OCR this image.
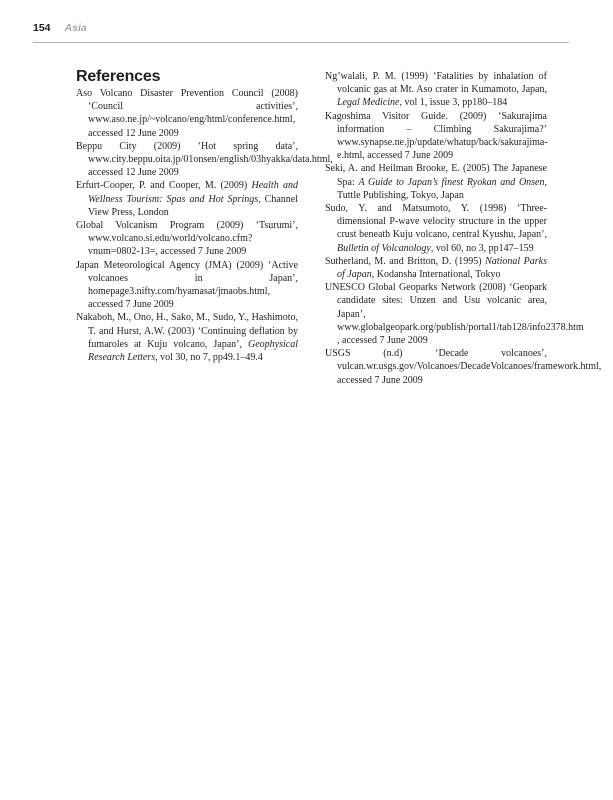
154 Asia
References

Aso Volcano Disaster Prevention Council (2008) ‘Council activities’, www.aso.ne.jp/~volcano/eng/html/conference.html, accessed 12 June 2009

Beppu City (2009) ‘Hot spring data’, www.city.beppu.oita.jp/01onsen/english/03hyakka/data.html, accessed 12 June 2009

Erfurt-Cooper, P. and Cooper, M. (2009) Health and Wellness Tourism: Spas and Hot Springs, Channel View Press, London

Global Volcanism Program (2009) ‘Tsurumi’, www.volcano.si.edu/world/volcano.cfm?vnum=0802-13=, accessed 7 June 2009

Japan Meteorological Agency (JMA) (2009) ‘Active volcanoes in Japan’, homepage3.nifty.com/hyamasat/jmaobs.html, accessed 7 June 2009

Nakaboh, M., Ono, H., Sako, M., Sudo, Y., Hashimoto, T. and Hurst, A.W. (2003) ‘Continuing deflation by fumaroles at Kuju volcano, Japan’, Geophysical Research Letters, vol 30, no 7, pp49.1–49.4

Ng’walali, P. M. (1999) ‘Fatalities by inhalation of volcanic gas at Mt. Aso crater in Kumamoto, Japan, Legal Medicine, vol 1, issue 3, pp180–184

Kagoshima Visitor Guide. (2009) ‘Sakurajima information – Climbing Sakurajima?’ www.synapse.ne.jp/update/whatup/back/sakurajima-e.html, accessed 7 June 2009

Seki, A. and Heilman Brooke, E. (2005) The Japanese Spa: A Guide to Japan’s finest Ryokan and Onsen, Tuttle Publishing, Tokyo, Japan

Sudo, Y. and Matsumoto, Y. (1998) ‘Three-dimensional P-wave velocity structure in the upper crust beneath Kuju volcano, central Kyushu, Japan’, Bulletin of Volcanology, vol 60, no 3, pp147–159

Sutherland, M. and Britton, D. (1995) National Parks of Japan, Kodansha International, Tokyo

UNESCO Global Geoparks Network (2008) ‘Geopark candidate sites: Unzen and Usu volcanic area, Japan’, www.globalgeopark.org/publish/portal1/tab128/info2378.htm , accessed 7 June 2009

USGS (n.d) ‘Decade volcanoes’, vulcan.wr.usgs.gov/Volcanoes/DecadeVolcanoes/framework.html, accessed 7 June 2009
